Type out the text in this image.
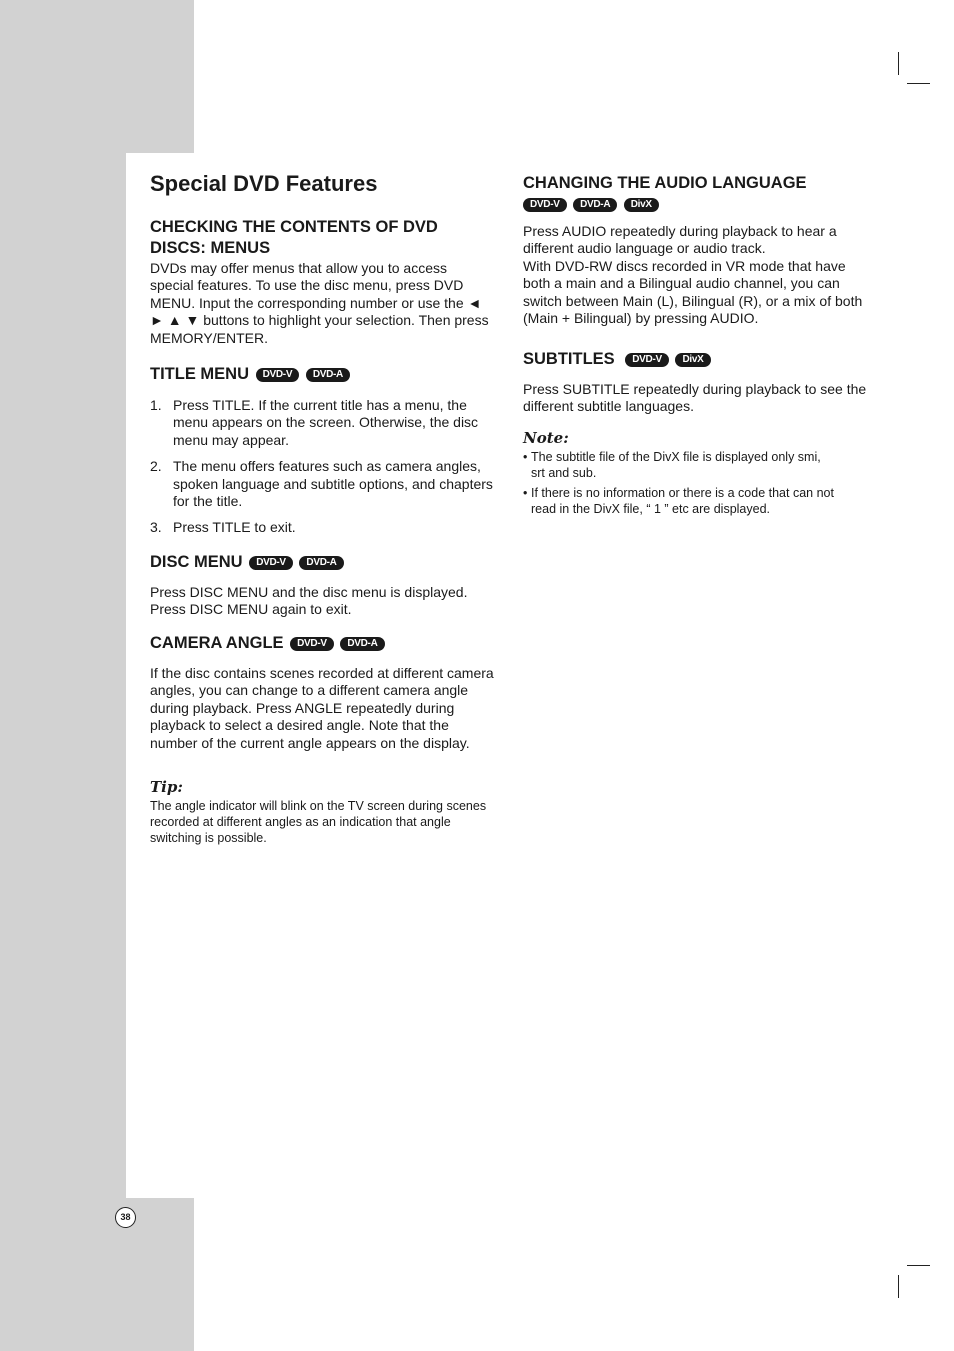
38
Special DVD Features
CHECKING THE CONTENTS OF DVD DISCS: MENUS

DVDs may offer menus that allow you to access special features. To use the disc menu, press DVD MENU. Input the corresponding number or use the ◄ ► ▲ ▼ buttons to highlight your selection. Then press MEMORY/ENTER.

TITLE MENU DVD-V DVD-A
1. Press TITLE. If the current title has a menu, the menu appears on the screen. Otherwise, the disc menu may appear.
2. The menu offers features such as camera angles, spoken language and subtitle options, and chapters for the title.
3. Press TITLE to exit.
DISC MENU DVD-V DVD-A

Press DISC MENU and the disc menu is displayed. Press DISC MENU again to exit.

CAMERA ANGLE DVD-V DVD-A

If the disc contains scenes recorded at different camera angles, you can change to a different camera angle during playback. Press ANGLE repeatedly during playback to select a desired angle. Note that the number of the current angle appears on the display.

Tip:

The angle indicator will blink on the TV screen during scenes recorded at different angles as an indication that angle switching is possible.

CHANGING THE AUDIO LANGUAGE
DVD-V DVD-A DivX

Press AUDIO repeatedly during playback to hear a different audio language or audio track.

With DVD-RW discs recorded in VR mode that have both a main and a Bilingual audio channel, you can switch between Main (L), Bilingual (R), or a mix of both (Main + Bilingual) by pressing AUDIO.

SUBTITLES DVD-V DivX

Press SUBTITLE repeatedly during playback to see the different subtitle languages.

Note:

• The subtitle file of the DivX file is displayed only smi, srt and sub.
• If there is no information or there is a code that can not read in the DivX file, “ 1 ” etc are displayed.
